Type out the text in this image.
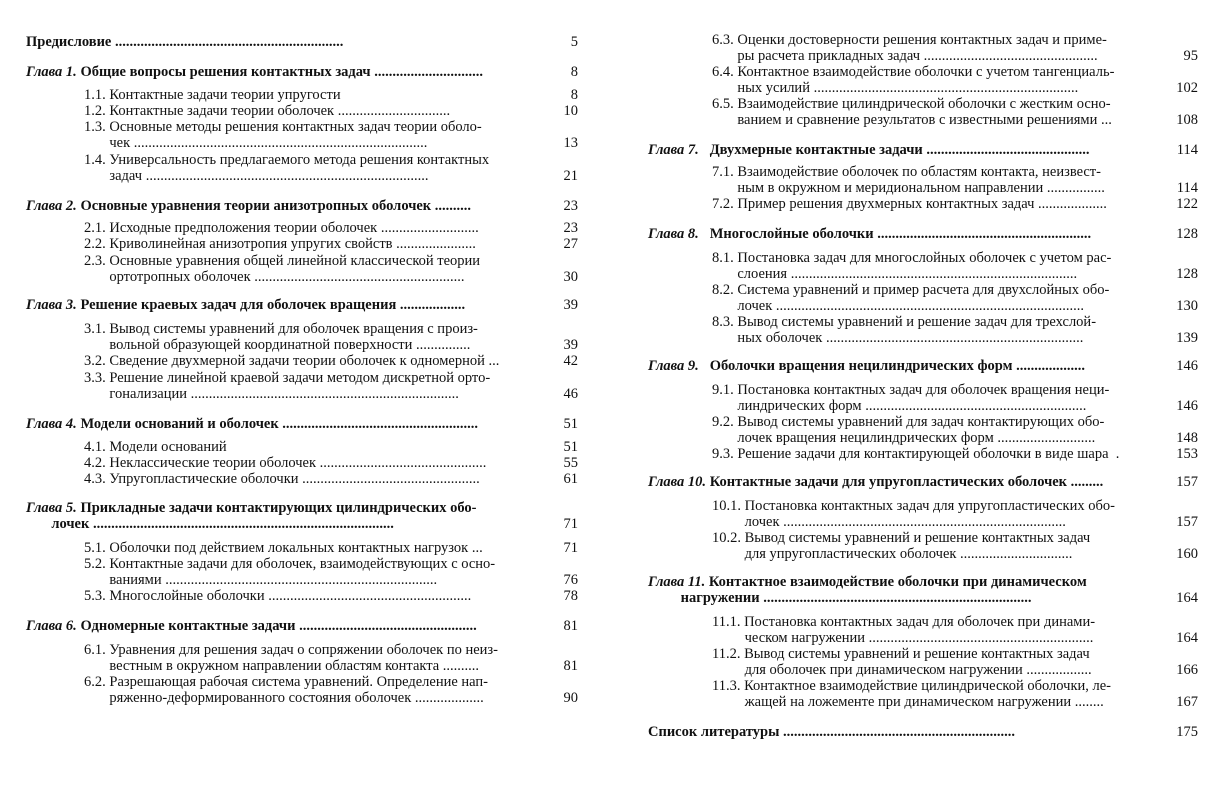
Предисловие ...............................................................	5
Глава 1. Общие вопросы решения контактных задач ..............................	8
1.1. Контактные задачи теории упругости	8
1.2. Контактные задачи теории оболочек ...............................	10
1.3. Основные методы решения контактных задач теории оболо-
чек .................................................................................	13
1.4. Универсальность предлагаемого метода решения контактных
задач ..............................................................................	21
Глава 2. Основные уравнения теории анизотропных оболочек ..........	23
2.1. Исходные предположения теории оболочек ...........................	23
2.2. Криволинейная анизотропия упругих свойств ......................	27
2.3. Основные уравнения общей линейной классической теории
ортотропных оболочек ..........................................................	30
Глава 3. Решение краевых задач для оболочек вращения ..................	39
3.1. Вывод системы уравнений для оболочек вращения с произ-
вольной образующей координатной поверхности ...............	39
3.2. Сведение двухмерной задачи теории оболочек к одномерной ...	42
3.3. Решение линейной краевой задачи методом дискретной орто-
гонализации ..........................................................................	46
Глава 4. Модели оснований и оболочек ......................................................	51
4.1. Модели оснований	51
4.2. Неклассические теории оболочек ..............................................	55
4.3. Упругопластические оболочки .................................................	61
Глава 5. Прикладные задачи контактирующих цилиндрических обо-
лочек ...................................................................................	71
5.1. Оболочки под действием локальных контактных нагрузок ...	71
5.2. Контактные задачи для оболочек, взаимодействующих с осно-
ваниями ...........................................................................	76
5.3. Многослойные оболочки ........................................................	78
Глава 6. Одномерные контактные задачи .................................................	81
6.1. Уравнения для решения задач о сопряжении оболочек по неиз-
вестным в окружном направлении областям контакта ..........	81
6.2. Разрешающая рабочая система уравнений. Определение нап-
ряженно-деформированного состояния оболочек ...................	90
6.3. Оценки достоверности решения контактных задач и приме-
ры расчета прикладных задач ................................................	95
6.4. Контактное взаимодействие оболочки с учетом тангенциаль-
ных усилий .........................................................................	102
6.5. Взаимодействие цилиндрической оболочки с жестким осно-
ванием и сравнение результатов с известными решениями ...	108
Глава 7.   Двухмерные контактные задачи .............................................	114
7.1. Взаимодействие оболочек по областям контакта, неизвест-
ным в окружном и меридиональном направлении ................	114
7.2. Пример решения двухмерных контактных задач ...................	122
Глава 8.   Многослойные оболочки ...........................................................	128
8.1. Постановка задач для многослойных оболочек с учетом рас-
слоения ...............................................................................	128
8.2. Система уравнений и пример расчета для двухслойных обо-
лочек .....................................................................................	130
8.3. Вывод системы уравнений и решение задач для трехслой-
ных оболочек .......................................................................	139
Глава 9.   Оболочки вращения нецилиндрических форм ...................	146
9.1. Постановка контактных задач для оболочек вращения неци-
линдрических форм .............................................................	146
9.2. Вывод системы уравнений для задач контактирующих обо-
лочек вращения нецилиндрических форм ...........................	148
9.3. Решение задачи для контактирующей оболочки в виде шара  .	153
Глава 10. Контактные задачи для упругопластических оболочек .........	157
10.1. Постановка контактных задач для упругопластических обо-
лочек ..............................................................................	157
10.2. Вывод системы уравнений и решение контактных задач
для упругопластических оболочек ...............................	160
Глава 11. Контактное взаимодействие оболочки при динамическом
нагружении ..........................................................................	164
11.1. Постановка контактных задач для оболочек при динами-
ческом нагружении ..............................................................	164
11.2. Вывод системы уравнений и решение контактных задач
для оболочек при динамическом нагружении ..................	166
11.3. Контактное взаимодействие цилиндрической оболочки, ле-
жащей на ложементе при динамическом нагружении ........	167
Список литературы ................................................................	175
